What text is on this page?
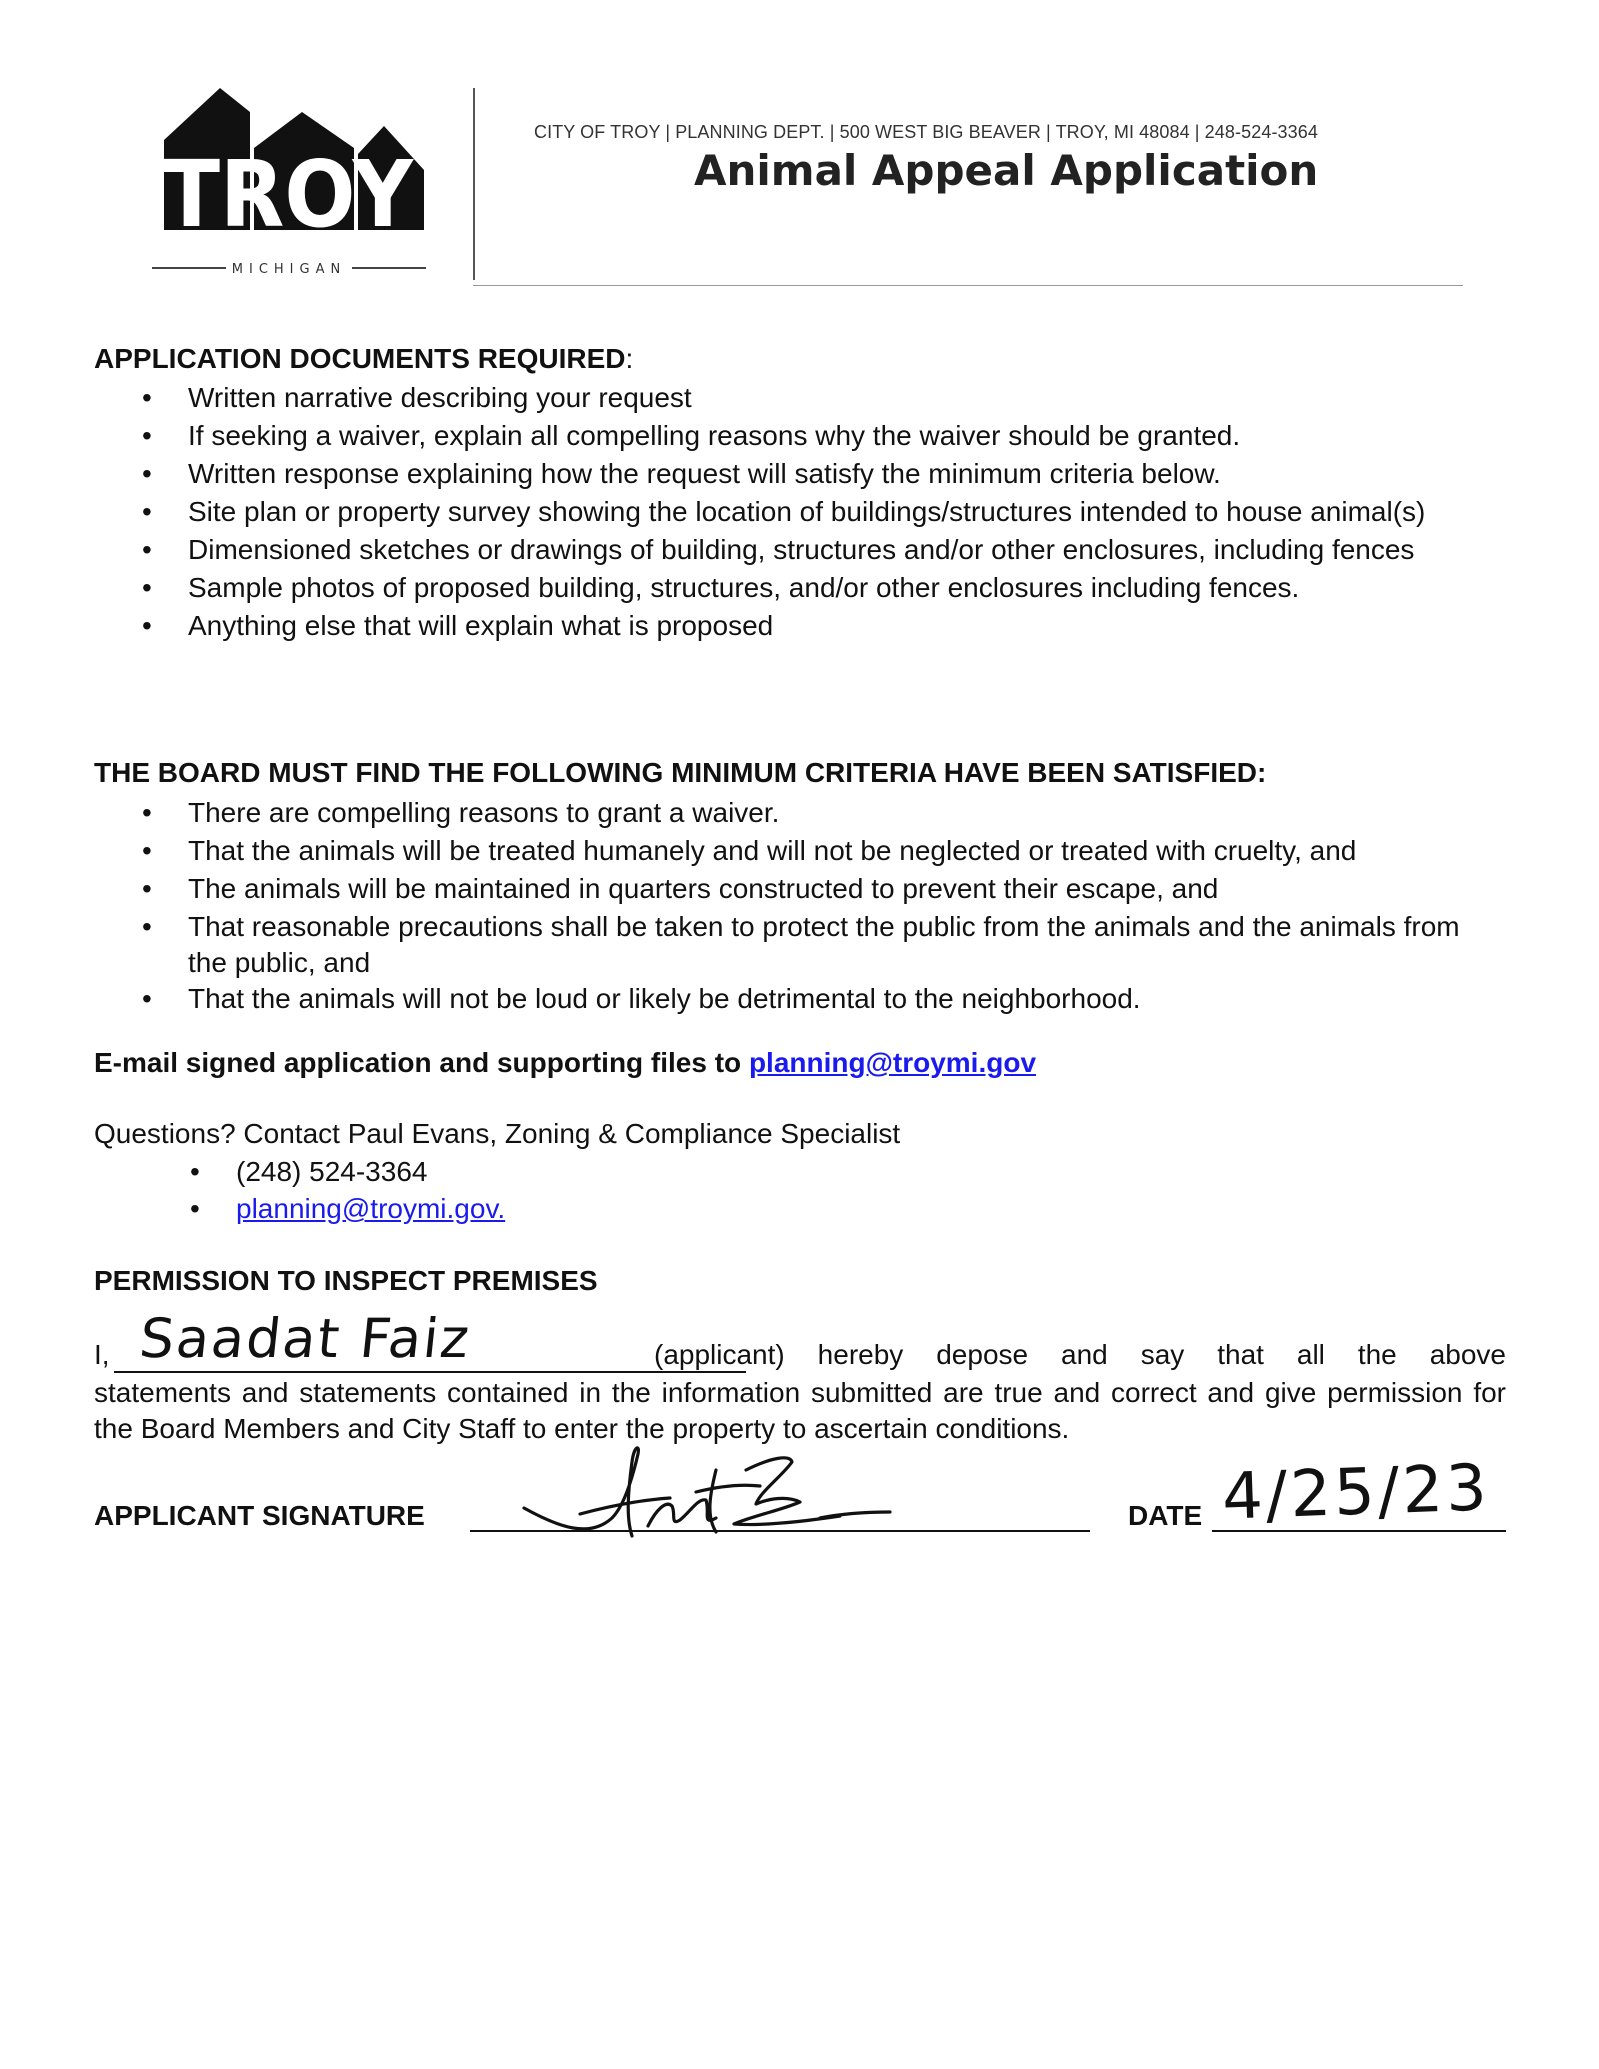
TROY
MICHIGAN
CITY OF TROY | PLANNING DEPT. | 500 WEST BIG BEAVER | TROY, MI 48084 | 248-524-3364
Animal Appeal Application
APPLICATION DOCUMENTS REQUIRED:
• Written narrative describing your request
• If seeking a waiver, explain all compelling reasons why the waiver should be granted.
• Written response explaining how the request will satisfy the minimum criteria below.
• Site plan or property survey showing the location of buildings/structures intended to house animal(s)
• Dimensioned sketches or drawings of building, structures and/or other enclosures, including fences
• Sample photos of proposed building, structures, and/or other enclosures including fences.
• Anything else that will explain what is proposed
THE BOARD MUST FIND THE FOLLOWING MINIMUM CRITERIA HAVE BEEN SATISFIED:
• There are compelling reasons to grant a waiver.
• That the animals will be treated humanely and will not be neglected or treated with cruelty, and
• The animals will be maintained in quarters constructed to prevent their escape, and
• That reasonable precautions shall be taken to protect the public from the animals and the animals from the public, and
• That the animals will not be loud or likely be detrimental to the neighborhood.
E-mail signed application and supporting files to planning@troymi.gov
Questions? Contact Paul Evans, Zoning & Compliance Specialist
• (248) 524-3364
• planning@troymi.gov.
PERMISSION TO INSPECT PREMISES
I, Saadat Faiz	(applicant) hereby depose and say that all the above
statements and statements contained in the information submitted are true and correct and give permission for the Board Members and City Staff to enter the property to ascertain conditions.
APPLICANT SIGNATURE	DATE 4/25/23
